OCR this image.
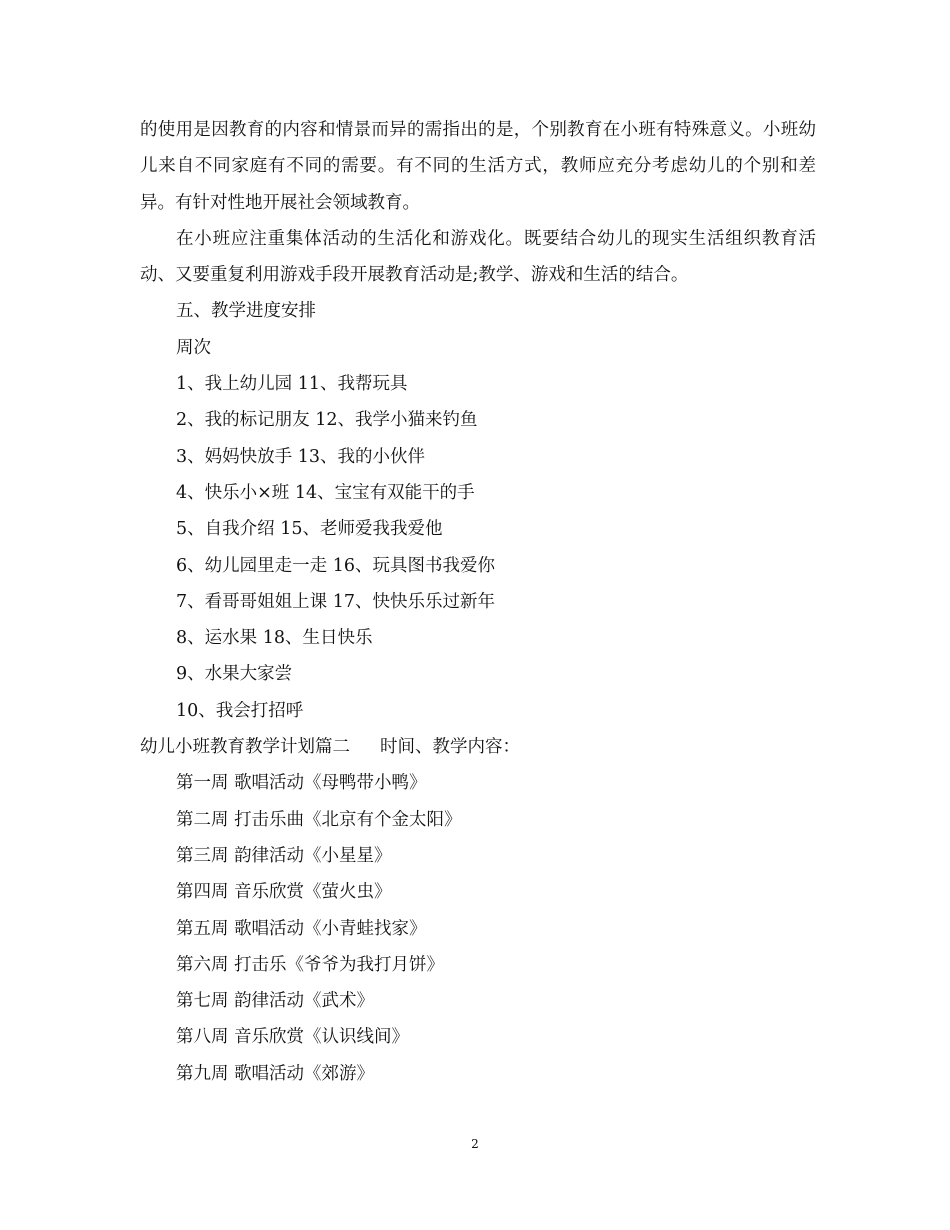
的使用是因教育的内容和情景而异的需指出的是，个别教育在小班有特殊意义。小班幼儿来自不同家庭有不同的需要。有不同的生活方式，教师应充分考虑幼儿的个别和差异。有针对性地开展社会领域教育。

在小班应注重集体活动的生活化和游戏化。既要结合幼儿的现实生活组织教育活动、又要重复利用游戏手段开展教育活动是;教学、游戏和生活的结合。

五、教学进度安排

周次

1、我上幼儿园 11、我帮玩具

2、我的标记朋友 12、我学小猫来钓鱼

3、妈妈快放手 13、我的小伙伴

4、快乐小×班 14、宝宝有双能干的手

5、自我介绍 15、老师爱我我爱他

6、幼儿园里走一走 16、玩具图书我爱你

7、看哥哥姐姐上课 17、快快乐乐过新年

8、运水果 18、生日快乐

9、水果大家尝

10、我会打招呼

幼儿小班教育教学计划篇二 时间、教学内容：

第一周 歌唱活动《母鸭带小鸭》

第二周 打击乐曲《北京有个金太阳》

第三周 韵律活动《小星星》

第四周 音乐欣赏《萤火虫》

第五周 歌唱活动《小青蛙找家》

第六周 打击乐《爷爷为我打月饼》

第七周 韵律活动《武术》

第八周 音乐欣赏《认识线间》

第九周 歌唱活动《郊游》

2
